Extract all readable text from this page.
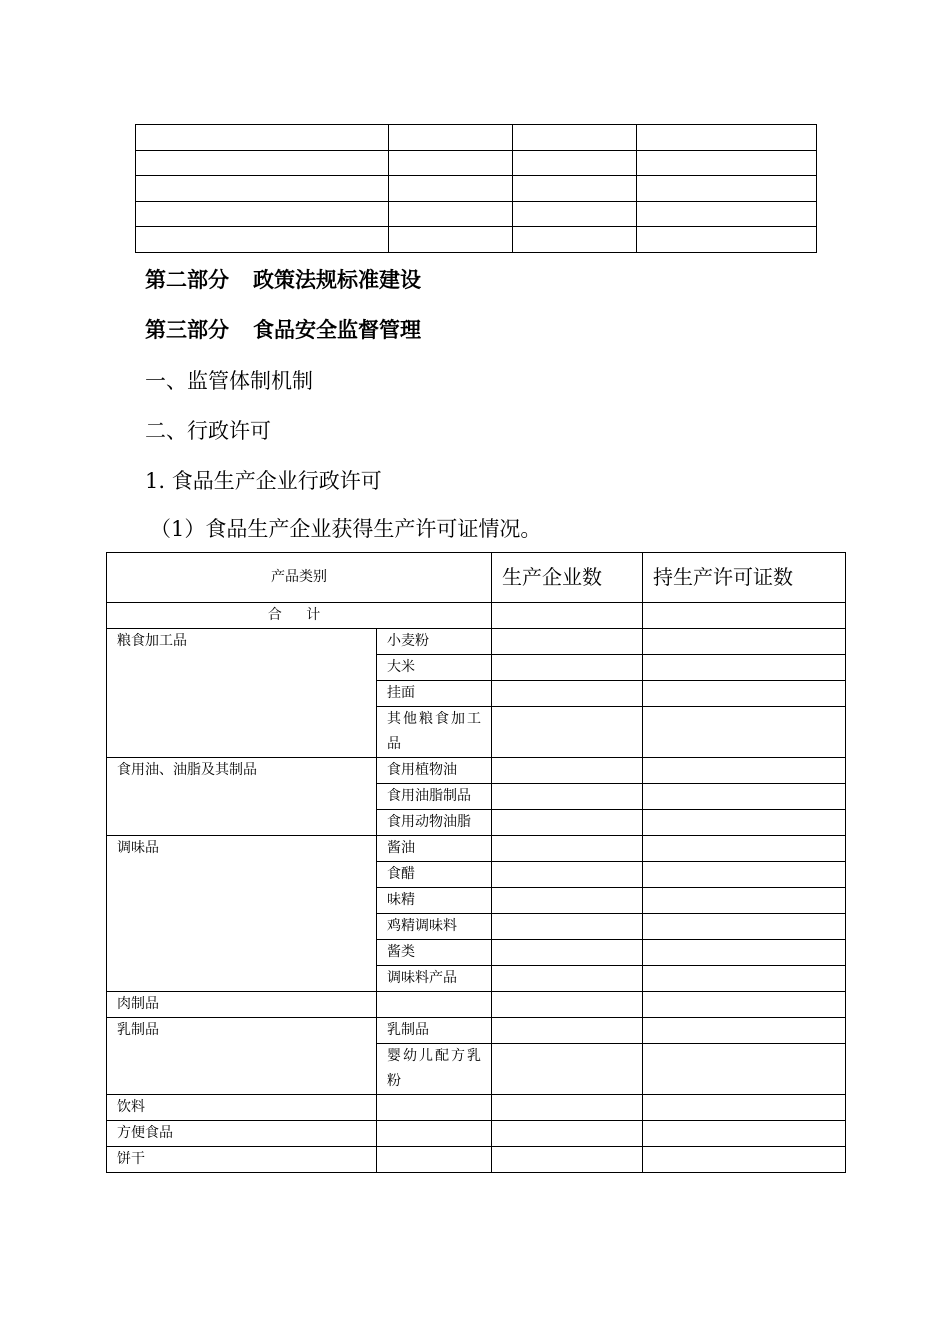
第二部分 政策法规标准建设
第三部分 食品安全监督管理
一、监管体制机制
二、行政许可
1. 食品生产企业行政许可
（1）食品生产企业获得生产许可证情况。
产品类别		生产企业数	持生产许可证数
合 计			
粮食加工品	小麦粉		
	大米		
	挂面		
	其他粮食加工品		
食用油、油脂及其制品	食用植物油		
	食用油脂制品		
	食用动物油脂		
调味品	酱油		
	食醋		
	味精		
	鸡精调味料		
	酱类		
	调味料产品		
肉制品			
乳制品	乳制品		
	婴幼儿配方乳粉		
饮料			
方便食品			
饼干			
